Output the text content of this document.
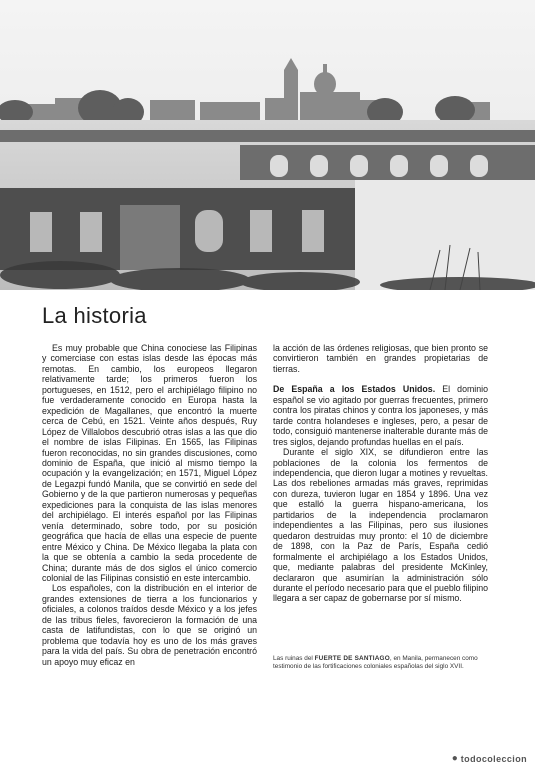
La historia

Es muy probable que China conociese las Filipinas y comerciase con estas islas desde las épocas más remotas. En cambio, los europeos llegaron relativamente tarde; los primeros fueron los portugueses, en 1512, pero el archipiélago filipino no fue verdaderamente conocido en Europa hasta la expedición de Magallanes, que encontró la muerte cerca de Cebú, en 1521. Veinte años después, Ruy López de Villalobos descubrió otras islas a las que dio el nombre de islas Filipinas. En 1565, las Filipinas fueron reconocidas, no sin grandes discusiones, como dominio de España, que inició al mismo tiempo la ocupación y la evangelización; en 1571, Miguel López de Legazpi fundó Manila, que se convirtió en sede del Gobierno y de la que partieron numerosas y pequeñas expediciones para la conquista de las islas menores del archipiélago. El interés español por las Filipinas venía determinado, sobre todo, por su posición geográfica que hacía de ellas una especie de puente entre México y China. De México llegaba la plata con la que se obtenía a cambio la seda procedente de China; durante más de dos siglos el único comercio colonial de las Filipinas consistió en este intercambio.

Los españoles, con la distribución en el interior de grandes extensiones de tierra a los funcionarios y oficiales, a colonos traídos desde México y a los jefes de las tribus fieles, favorecieron la formación de una casta de latifundistas, con lo que se originó un problema que todavía hoy es uno de los más graves para la vida del país. Su obra de penetración encontró un apoyo muy eficaz en

la acción de las órdenes religiosas, que bien pronto se convirtieron también en grandes propietarias de tierras.

De España a los Estados Unidos. El dominio español se vio agitado por guerras frecuentes, primero contra los piratas chinos y contra los japoneses, y más tarde contra holandeses e ingleses, pero, a pesar de todo, consiguió mantenerse inalterable durante más de tres siglos, dejando profundas huellas en el país.

Durante el siglo XIX, se difundieron entre las poblaciones de la colonia los fermentos de independencia, que dieron lugar a motines y revueltas. Las dos rebeliones armadas más graves, reprimidas con dureza, tuvieron lugar en 1854 y 1896. Una vez que estalló la guerra hispano-americana, los partidarios de la independencia proclamaron independientes a las Filipinas, pero sus ilusiones quedaron destruidas muy pronto: el 10 de diciembre de 1898, con la Paz de París, España cedió formalmente el archipiélago a los Estados Unidos, que, mediante palabras del presidente McKinley, declararon que asumirían la administración sólo durante el período necesario para que el pueblo filipino llegara a ser capaz de gobernarse por sí mismo.

Las ruinas del FUERTE DE SANTIAGO, en Manila, permanecen como testimonio de las fortificaciones coloniales españolas del siglo XVII.
● todocoleccion
